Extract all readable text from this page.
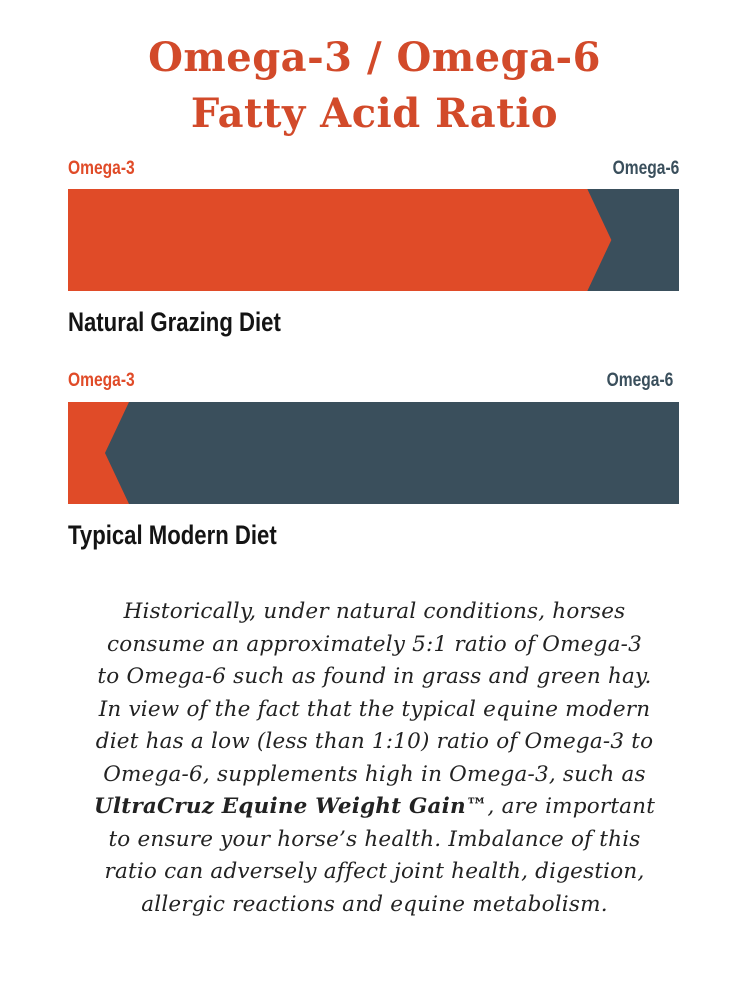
Omega-3 / Omega-6
Fatty Acid Ratio
Omega-3	Omega-6
Natural Grazing Diet
Omega-3	Omega-6
Typical Modern Diet

Historically, under natural conditions, horses
consume an approximately 5:1 ratio of Omega-3
to Omega-6 such as found in grass and green hay.
In view of the fact that the typical equine modern
diet has a low (less than 1:10) ratio of Omega-3 to
Omega-6, supplements high in Omega-3, such as
UltraCruz Equine Weight Gain™, are important
to ensure your horse’s health. Imbalance of this
ratio can adversely affect joint health, digestion,
allergic reactions and equine metabolism.
